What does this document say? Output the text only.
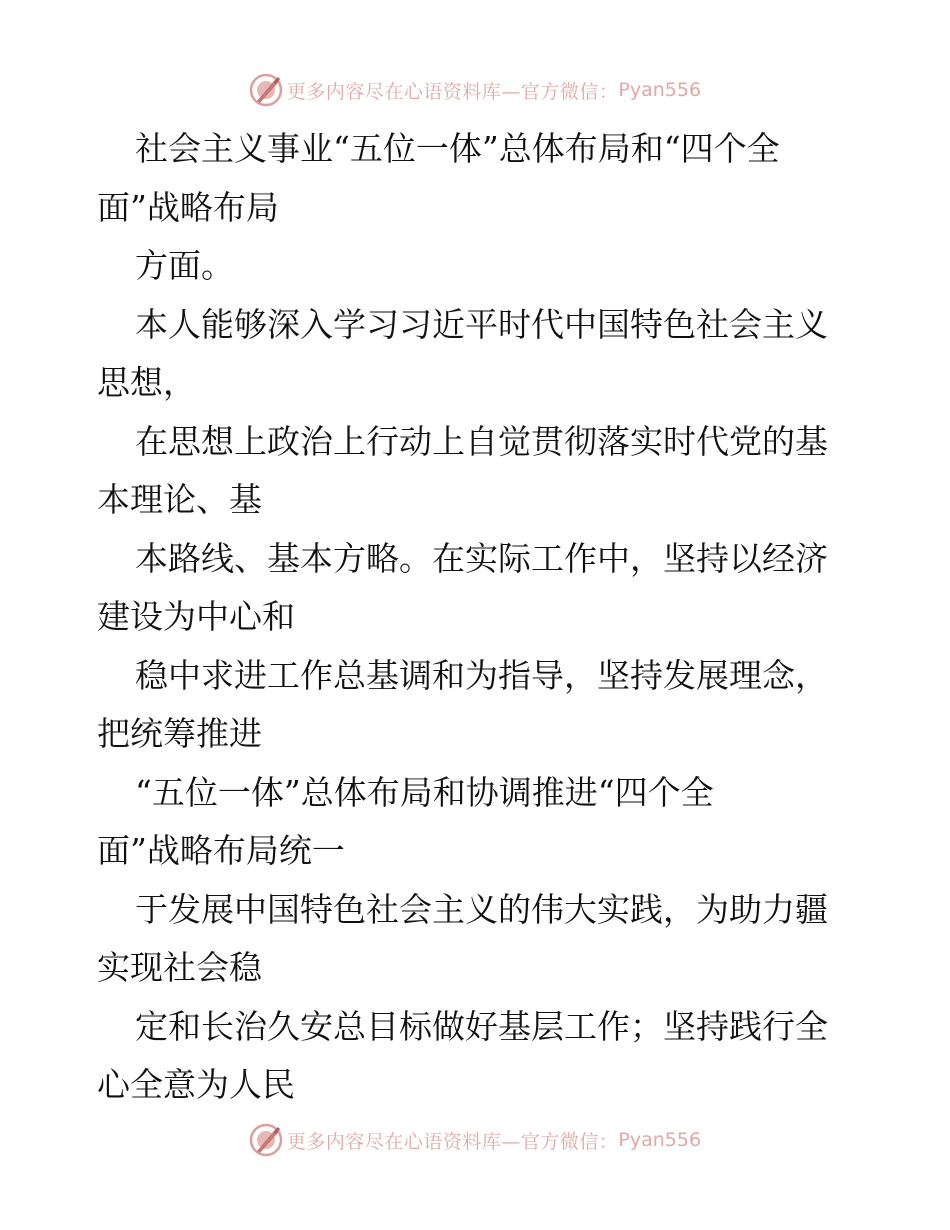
更多内容尽在心语资料库—官方微信： Pyan556
社会主义事业“五位一体”总体布局和“四个全
面”战略布局
方面。
本人能够深入学习习近平时代中国特色社会主义
思想，
在思想上政治上行动上自觉贯彻落实时代党的基
本理论、基
本路线、基本方略。在实际工作中，坚持以经济
建设为中心和
稳中求进工作总基调和为指导，坚持发展理念，
把统筹推进
“五位一体”总体布局和协调推进“四个全
面”战略布局统一
于发展中国特色社会主义的伟大实践，为助力疆
实现社会稳
定和长治久安总目标做好基层工作；坚持践行全
心全意为人民
更多内容尽在心语资料库—官方微信： Pyan556
